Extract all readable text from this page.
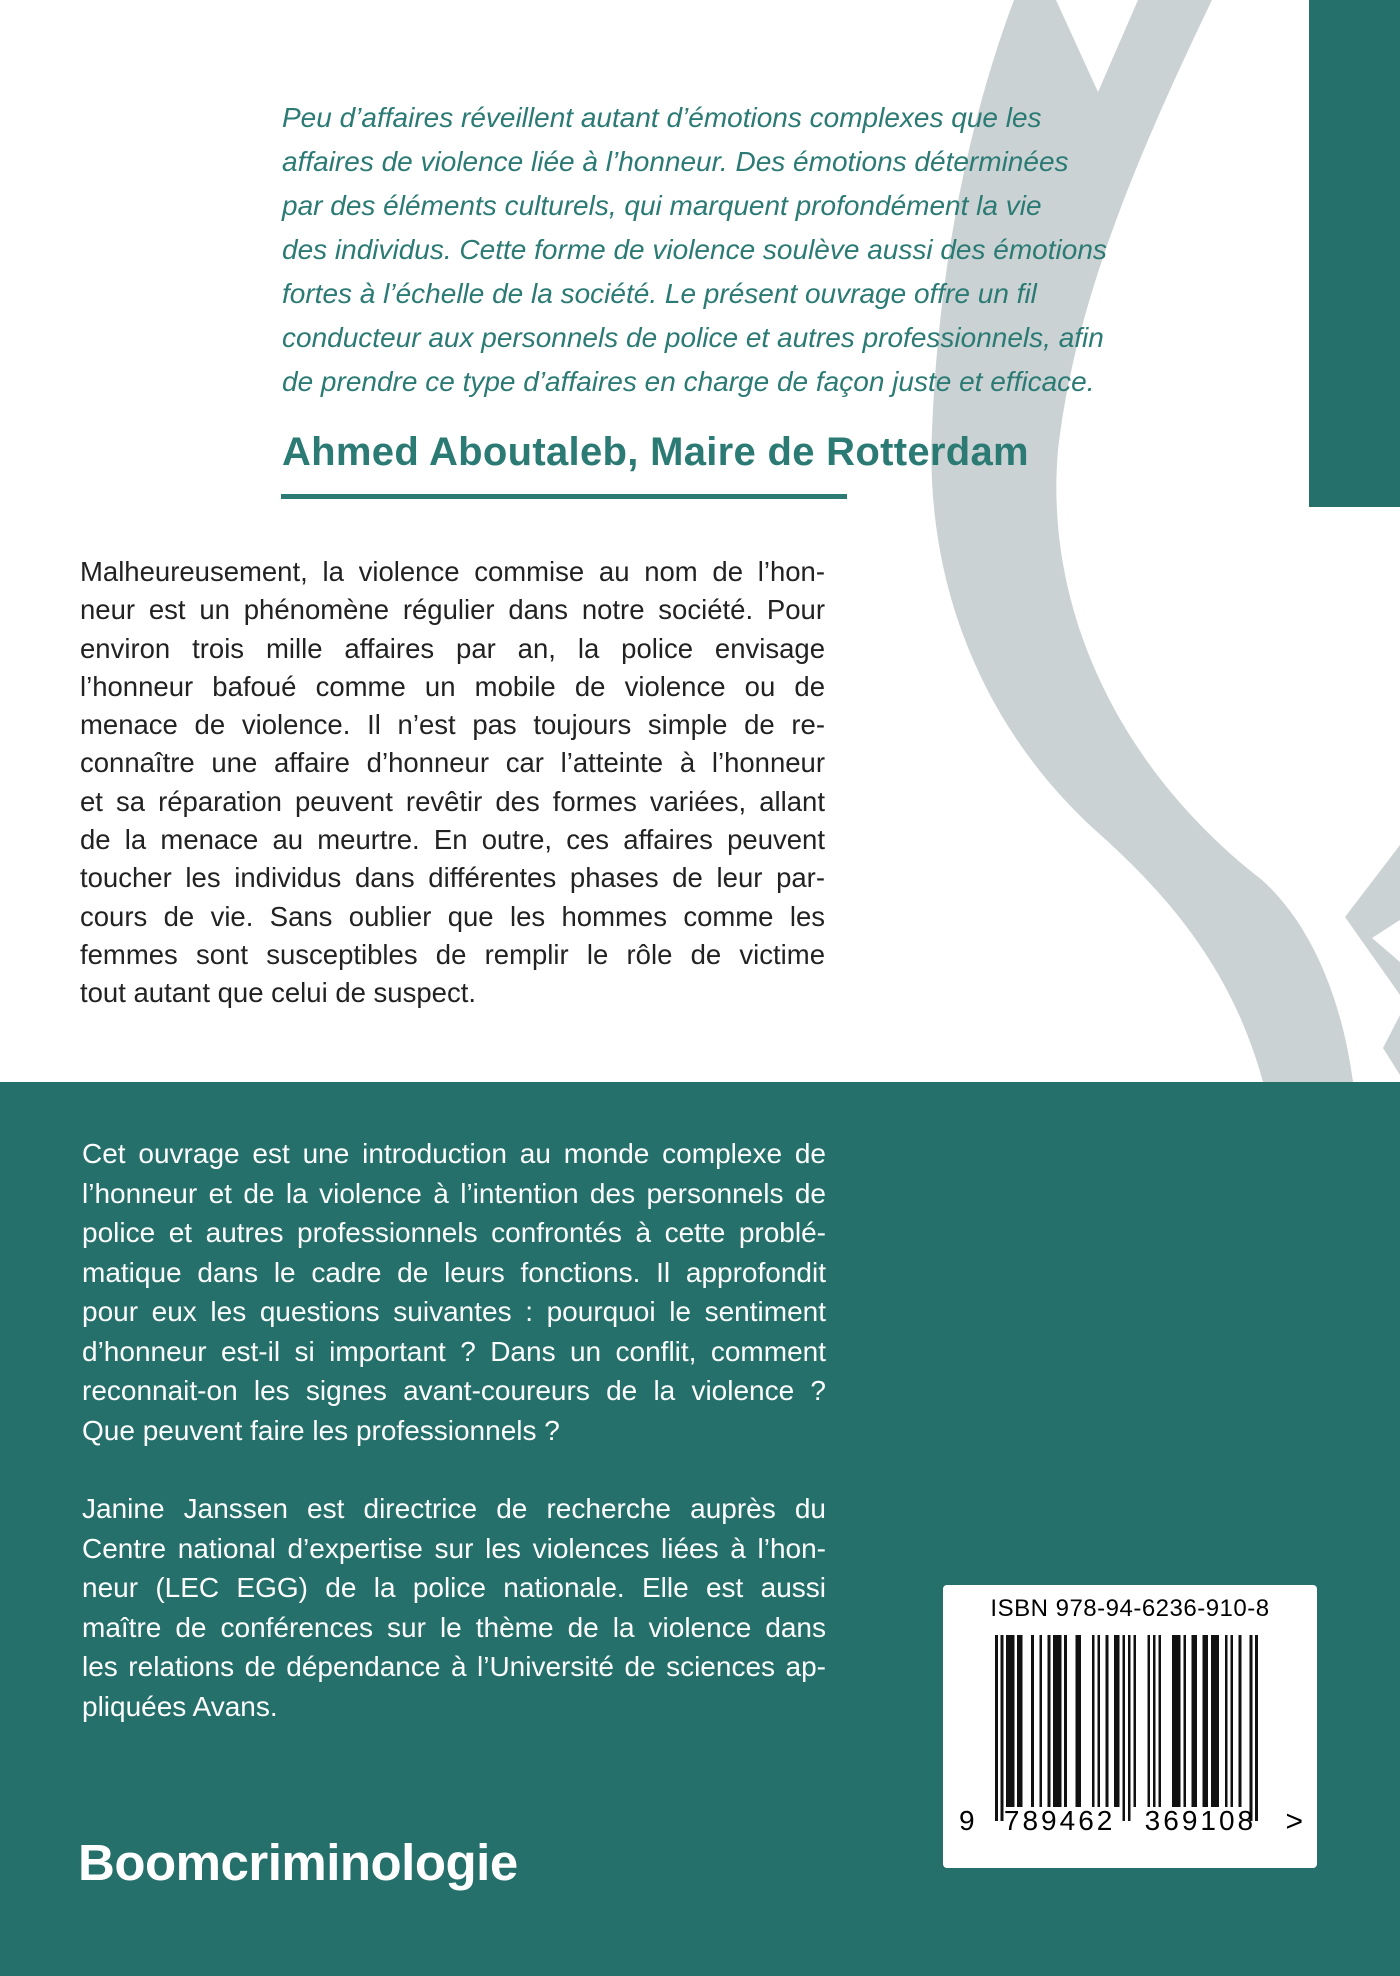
Peu d’affaires réveillent autant d’émotions complexes que les
affaires de violence liée à l’honneur. Des émotions déterminées
par des éléments culturels, qui marquent profondément la vie
des individus. Cette forme de violence soulève aussi des émotions
fortes à l’échelle de la société. Le présent ouvrage offre un fil
conducteur aux personnels de police et autres professionnels, afin
de prendre ce type d’affaires en charge de façon juste et efficace.
Ahmed Aboutaleb, Maire de Rotterdam
Malheureusement, la violence commise au nom de l’hon-
neur est un phénomène régulier dans notre société. Pour
environ trois mille affaires par an, la police envisage
l’honneur bafoué comme un mobile de violence ou de
menace de violence. Il n’est pas toujours simple de re-
connaître une affaire d’honneur car l’atteinte à l’honneur
et sa réparation peuvent revêtir des formes variées, allant
de la menace au meurtre. En outre, ces affaires peuvent
toucher les individus dans différentes phases de leur par-
cours de vie. Sans oublier que les hommes comme les
femmes sont susceptibles de remplir le rôle de victime
tout autant que celui de suspect.
Cet ouvrage est une introduction au monde complexe de
l’honneur et de la violence à l’intention des personnels de
police et autres professionnels confrontés à cette problé-
matique dans le cadre de leurs fonctions. Il approfondit
pour eux les questions suivantes : pourquoi le sentiment
d’honneur est-il si important ? Dans un conflit, comment
reconnait-on les signes avant-coureurs de la violence ?
Que peuvent faire les professionnels ?
Janine Janssen est directrice de recherche auprès du
Centre national d’expertise sur les violences liées à l’hon-
neur (LEC EGG) de la police nationale. Elle est aussi
maître de conférences sur le thème de la violence dans
les relations de dépendance à l’Université de sciences ap-
pliquées Avans.
ISBN 978-94-6236-910-8
9 789462 369108 >
Boomcriminologie
